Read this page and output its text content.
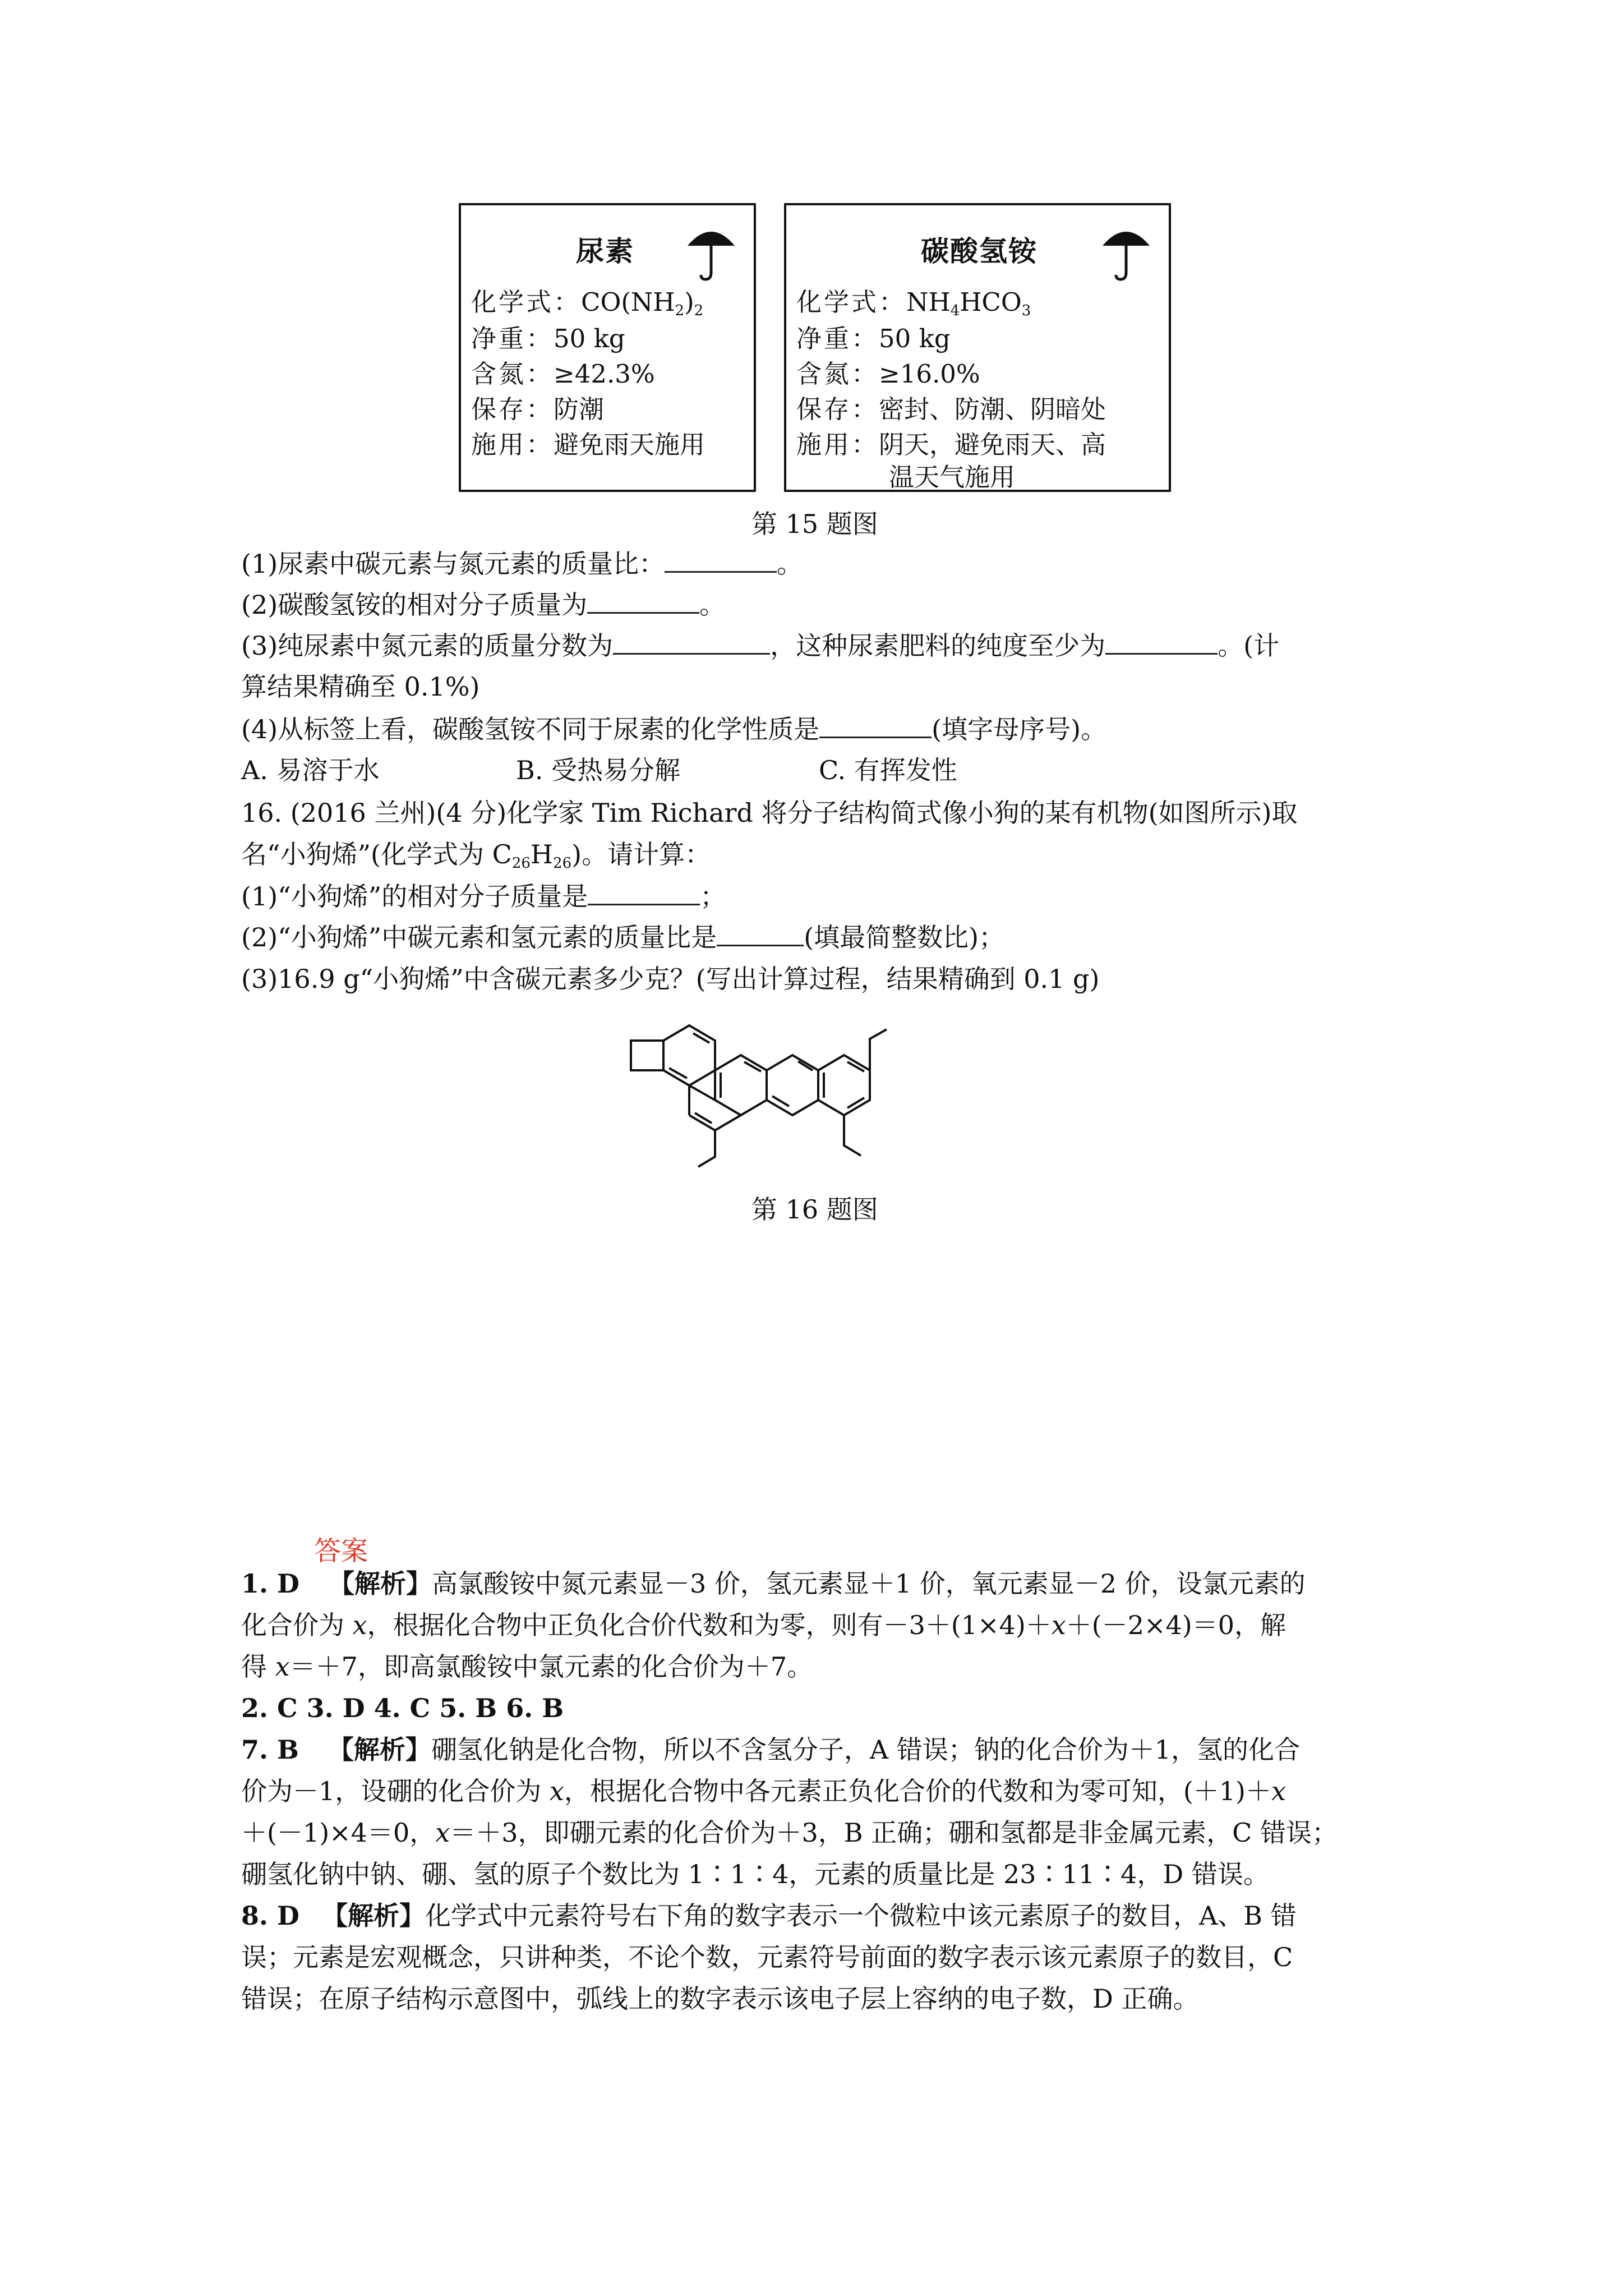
尿素
化学式：$CO(NH_2)_2$
净重：50 kg
含氮：≥42.3%
保存：防潮
施用：避免雨天施用
碳酸氢铵
化学式：$NH_4HCO_3$
净重：50 kg
含氮：≥16.0%
保存：密封、防潮、阴暗处
施用：阴天，避免雨天、高
温天气施用
第 15 题图
(1)尿素中碳元素与氮元素的质量比：	。
(2)碳酸氢铵的相对分子质量为	。
(3)纯尿素中氮元素的质量分数为	，这种尿素肥料的纯度至少为	。(计
算结果精确至 0.1%)
(4)从标签上看，碳酸氢铵不同于尿素的化学性质是	(填字母序号)。
A. 易溶于水	B. 受热易分解	C. 有挥发性
16. (2016 兰州)(4 分)化学家 Tim Richard 将分子结构简式像小狗的某有机物(如图所示)取
名“小狗烯”(化学式为 $C_{26}H_{26}$)。请计算：
(1)“小狗烯”的相对分子质量是	；
(2)“小狗烯”中碳元素和氢元素的质量比是	(填最简整数比)；
(3)16.9 g“小狗烯”中含碳元素多少克？(写出计算过程，结果精确到 0.1 g)
第 16 题图
答案
1. D 【解析】高氯酸铵中氮元素显－3 价，氢元素显＋1 价，氧元素显－2 价，设氯元素的
化合价为 x，根据化合物中正负化合价代数和为零，则有－3＋(1×4)＋x＋(－2×4)＝0，解
得 x＝＋7，即高氯酸铵中氯元素的化合价为＋7。
2. C 3. D 4. C 5. B 6. B
7. B 【解析】硼氢化钠是化合物，所以不含氢分子，A 错误；钠的化合价为＋1，氢的化合
价为－1，设硼的化合价为 x，根据化合物中各元素正负化合价的代数和为零可知，(＋1)＋x
＋(－1)×4＝0，x＝＋3，即硼元素的化合价为＋3，B 正确；硼和氢都是非金属元素，C 错误；
硼氢化钠中钠、硼、氢的原子个数比为 1∶1∶4，元素的质量比是 23∶11∶4，D 错误。
8. D 【解析】化学式中元素符号右下角的数字表示一个微粒中该元素原子的数目，A、B 错
误；元素是宏观概念，只讲种类，不论个数，元素符号前面的数字表示该元素原子的数目，C
错误；在原子结构示意图中，弧线上的数字表示该电子层上容纳的电子数，D 正确。
